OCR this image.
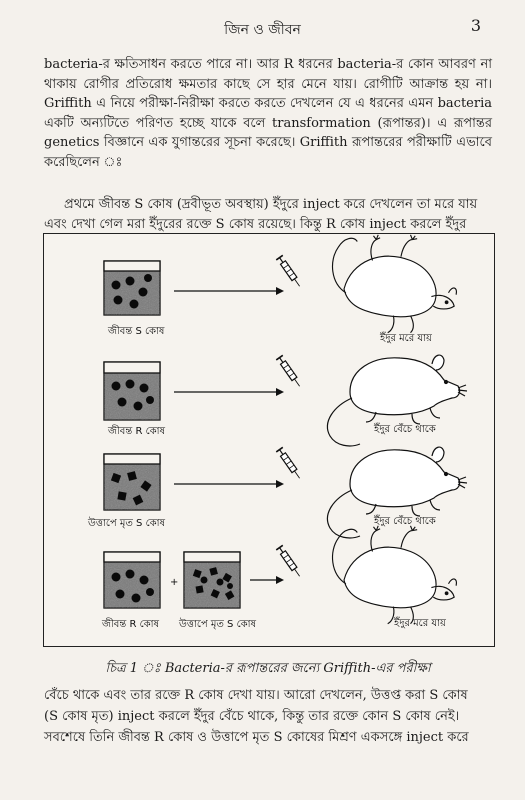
জিন ও জীবন	3
bacteria-র ক্ষতিসাধন করতে পারে না। আর R ধরনের bacteria-র কোন আবরণ না
থাকায় রোগীর প্রতিরোধ ক্ষমতার কাছে সে হার মেনে যায়। রোগীটি আক্রান্ত হয় না।
Griffith এ নিয়ে পরীক্ষা-নিরীক্ষা করতে করতে দেখলেন যে এ ধরনের এমন bacteria
একটি অন্যটিতে পরিণত হচ্ছে যাকে বলে transformation (রূপান্তর)। এ রূপান্তর
genetics বিজ্ঞানে এক যুগান্তরের সূচনা করেছে। Griffith রূপান্তরের পরীক্ষাটি এভাবে
করেছিলেন ঃ
প্রথমে জীবন্ত S কোষ (দ্রবীভূত অবস্থায়) ইঁদুরে inject করে দেখলেন তা মরে যায়
এবং দেখা গেল মরা ইঁদুরের রক্তে S কোষ রয়েছে। কিন্তু R কোষ inject করলে ইঁদুর
+
জীবন্ত S কোষ
ইঁদুর মরে যায়
জীবন্ত R কোষ	ইঁদুর বেঁচে থাকে
উত্তাপে মৃত S কোষ	ইঁদুর বেঁচে থাকে
জীবন্ত R কোষ উত্তাপে মৃত S কোষ	ইঁদুর মরে যায়
চিত্র 1 ঃ Bacteria-র রূপান্তরের জন্যে Griffith-এর পরীক্ষা
বেঁচে থাকে এবং তার রক্তে R কোষ দেখা যায়। আরো দেখলেন, উত্তপ্ত করা S কোষ
(S কোষ মৃত) inject করলে ইঁদুর বেঁচে থাকে, কিন্তু তার রক্তে কোন S কোষ নেই।
সবশেষে তিনি জীবন্ত R কোষ ও উত্তাপে মৃত S কোষের মিশ্রণ একসঙ্গে inject করে
